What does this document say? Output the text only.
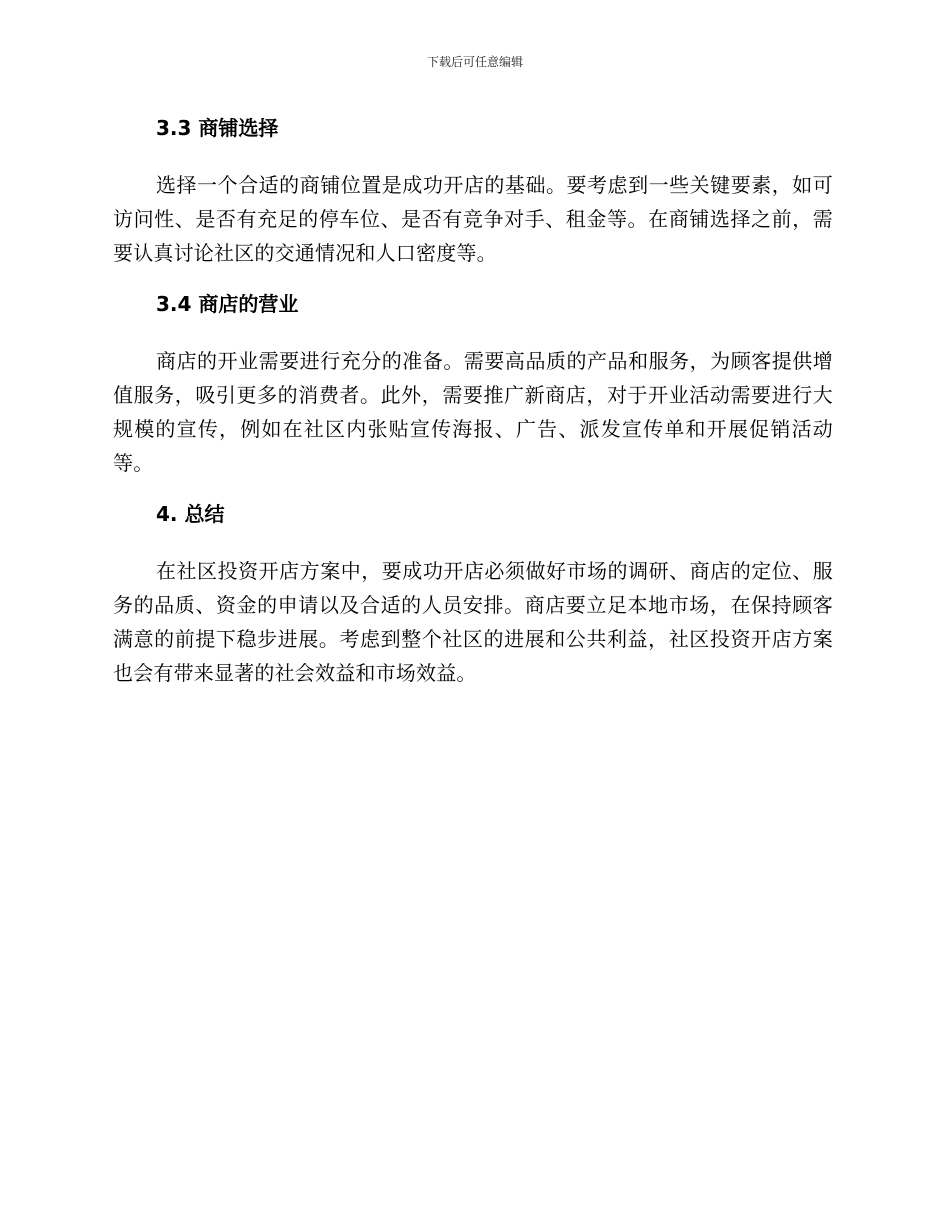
下载后可任意编辑
3.3 商铺选择

选择一个合适的商铺位置是成功开店的基础。要考虑到一些关键要素，如可访问性、是否有充足的停车位、是否有竞争对手、租金等。在商铺选择之前，需要认真讨论社区的交通情况和人口密度等。

3.4 商店的营业

商店的开业需要进行充分的准备。需要高品质的产品和服务，为顾客提供增值服务，吸引更多的消费者。此外，需要推广新商店，对于开业活动需要进行大规模的宣传，例如在社区内张贴宣传海报、广告、派发宣传单和开展促销活动等。

4. 总结

在社区投资开店方案中，要成功开店必须做好市场的调研、商店的定位、服务的品质、资金的申请以及合适的人员安排。商店要立足本地市场，在保持顾客满意的前提下稳步进展。考虑到整个社区的进展和公共利益，社区投资开店方案也会有带来显著的社会效益和市场效益。
